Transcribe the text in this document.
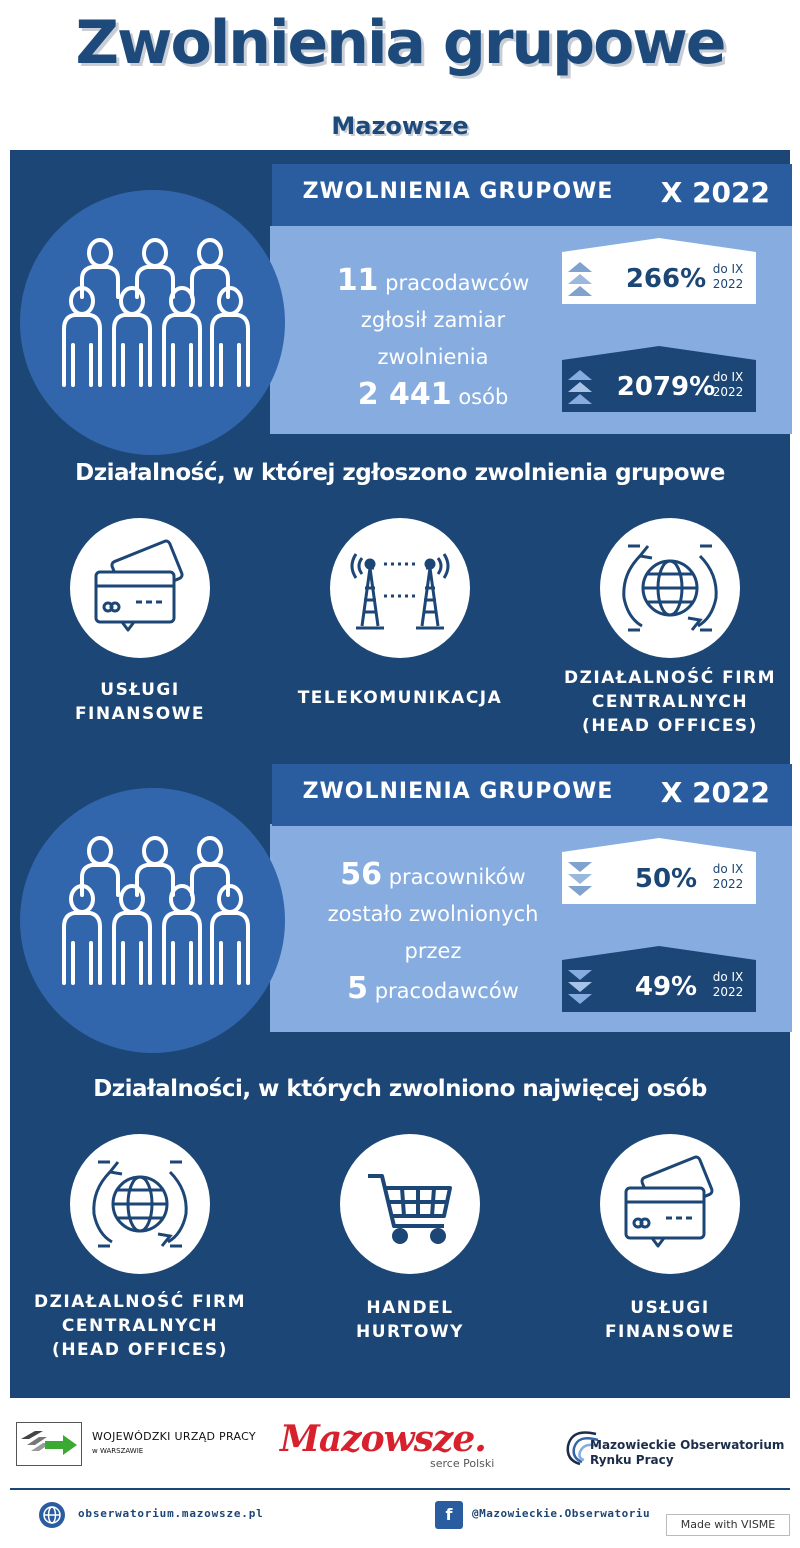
Zwolnienia grupowe
Mazowsze
ZWOLNIENIA GRUPOWE	X 2022
11 pracodawców
zgłosił zamiar
zwolnienia
2 441 osób
266% do IX
2022
2079%
do IX
2022
Działalność, w której zgłoszono zwolnienia grupowe
USŁUGI
FINANSOWE
TELEKOMUNIKACJA
DZIAŁALNOŚĆ FIRM
CENTRALNYCH
(HEAD OFFICES)
ZWOLNIENIA GRUPOWE	X 2022
56 pracowników
zostało zwolnionych
przez
5 pracodawców
50%	do IX
2022
49%	do IX
2022
Działalności, w których zwolniono najwięcej osób
DZIAŁALNOŚĆ FIRM
CENTRALNYCH
(HEAD OFFICES)
HANDEL
HURTOWY
USŁUGI
FINANSOWE
WOJEWÓDZKI URZĄD PRACY
w WARSZAWIE	Mazowsze.
serce Polski
Mazowieckie Obserwatorium
Rynku Pracy
obserwatorium.mazowsze.pl	f	@Mazowieckie.Obserwatoriu
Made with VISME
